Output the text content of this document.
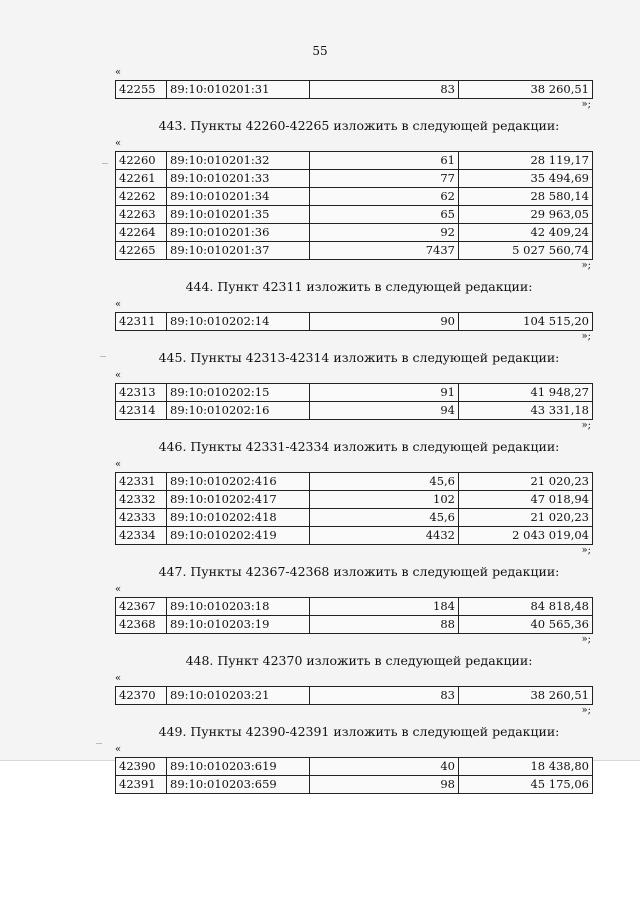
55
«
42255	89:10:010201:31	83	38 260,51
»;
443. Пункты 42260-42265 изложить в следующей редакции:
«
42260	89:10:010201:32	61	28 119,17
42261	89:10:010201:33	77	35 494,69
42262	89:10:010201:34	62	28 580,14
42263	89:10:010201:35	65	29 963,05
42264	89:10:010201:36	92	42 409,24
42265	89:10:010201:37	7437	5 027 560,74
»;
444. Пункт 42311 изложить в следующей редакции:
«
42311	89:10:010202:14	90	104 515,20
»;
445. Пункты 42313-42314 изложить в следующей редакции:
«
42313	89:10:010202:15	91	41 948,27
42314	89:10:010202:16	94	43 331,18
»;
446. Пункты 42331-42334 изложить в следующей редакции:
«
42331	89:10:010202:416	45,6	21 020,23
42332	89:10:010202:417	102	47 018,94
42333	89:10:010202:418	45,6	21 020,23
42334	89:10:010202:419	4432	2 043 019,04
»;
447. Пункты 42367-42368 изложить в следующей редакции:
«
42367	89:10:010203:18	184	84 818,48
42368	89:10:010203:19	88	40 565,36
»;
448. Пункт 42370 изложить в следующей редакции:
«
42370	89:10:010203:21	83	38 260,51
»;
449. Пункты 42390-42391 изложить в следующей редакции:
«
42390	89:10:010203:619	40	18 438,80
42391	89:10:010203:659	98	45 175,06
